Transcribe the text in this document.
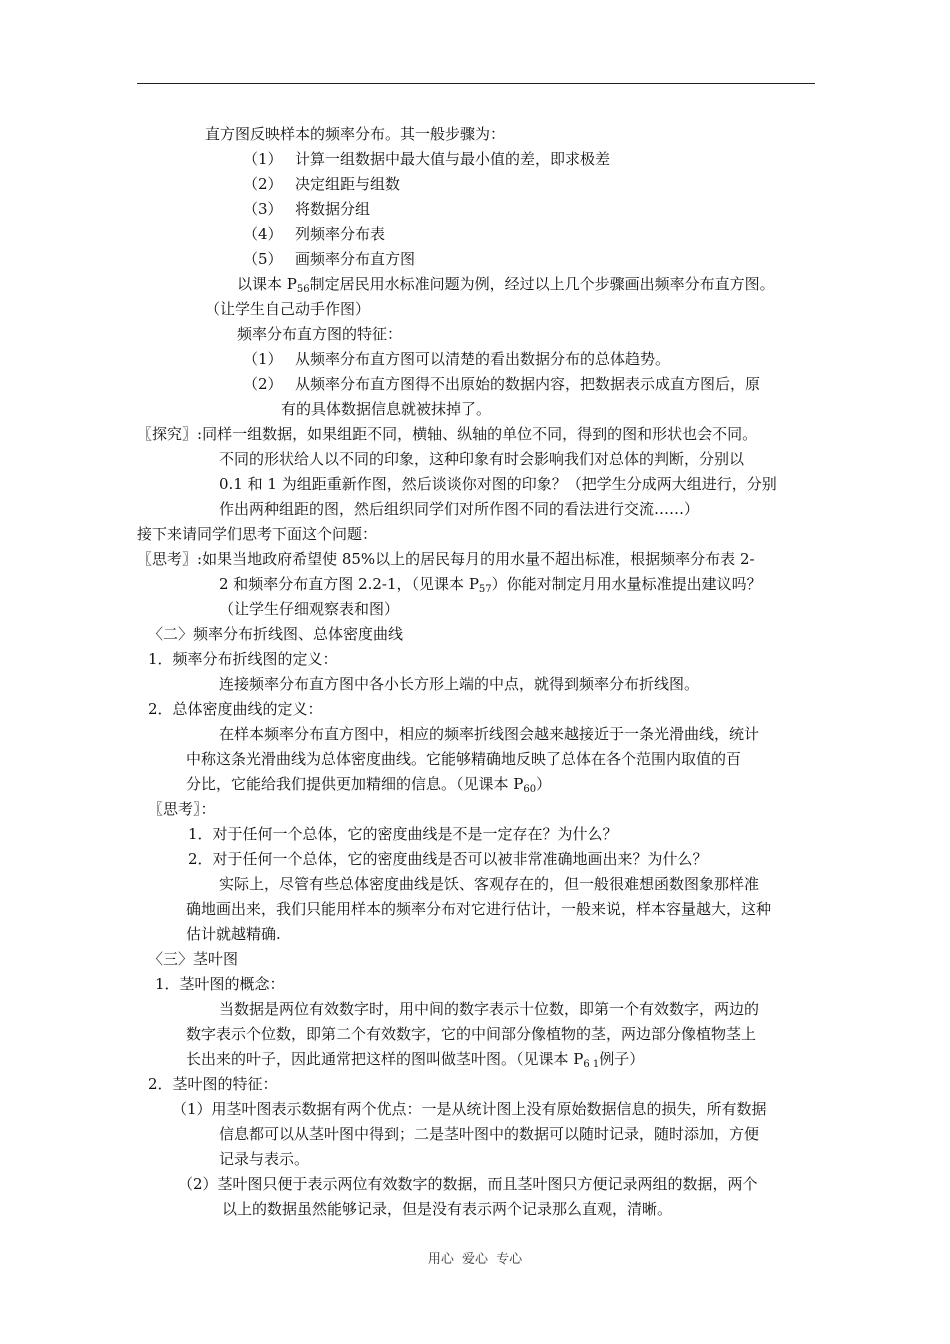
直方图反映样本的频率分布。其一般步骤为：
（1） 计算一组数据中最大值与最小值的差，即求极差
（2） 决定组距与组数
（3） 将数据分组
（4） 列频率分布表
（5） 画频率分布直方图
以课本 $P_{56}$制定居民用水标准问题为例，经过以上几个步骤画出频率分布直方图。
（让学生自己动手作图）
频率分布直方图的特征：
（1） 从频率分布直方图可以清楚的看出数据分布的总体趋势。
（2） 从频率分布直方图得不出原始的数据内容，把数据表示成直方图后，原
有的具体数据信息就被抹掉了。
〖探究〗:同样一组数据，如果组距不同，横轴、纵轴的单位不同，得到的图和形状也会不同。
不同的形状给人以不同的印象，这种印象有时会影响我们对总体的判断，分别以
0.1 和 1 为组距重新作图，然后谈谈你对图的印象？（把学生分成两大组进行，分别
作出两种组距的图，然后组织同学们对所作图不同的看法进行交流……）
接下来请同学们思考下面这个问题：
〖思考〗:如果当地政府希望使 85%以上的居民每月的用水量不超出标准，根据频率分布表 2-
2 和频率分布直方图 2.2-1，（见课本 $P_{57}$）你能对制定月用水量标准提出建议吗？
（让学生仔细观察表和图）
〈二〉频率分布折线图、总体密度曲线
1．频率分布折线图的定义：
连接频率分布直方图中各小长方形上端的中点，就得到频率分布折线图。
2．总体密度曲线的定义：
在样本频率分布直方图中，相应的频率折线图会越来越接近于一条光滑曲线，统计
中称这条光滑曲线为总体密度曲线。它能够精确地反映了总体在各个范围内取值的百
分比，它能给我们提供更加精细的信息。（见课本 $P_{60}$）
〖思考〗：
1．对于任何一个总体，它的密度曲线是不是一定存在？为什么？
2．对于任何一个总体，它的密度曲线是否可以被非常准确地画出来？为什么？
实际上，尽管有些总体密度曲线是饫、客观存在的，但一般很难想函数图象那样准
确地画出来，我们只能用样本的频率分布对它进行估计，一般来说，样本容量越大，这种
估计就越精确.
〈三〉茎叶图
1．茎叶图的概念：
当数据是两位有效数字时，用中间的数字表示十位数，即第一个有效数字，两边的
数字表示个位数，即第二个有效数字，它的中间部分像植物的茎，两边部分像植物茎上
长出来的叶子，因此通常把这样的图叫做茎叶图。（见课本 $P_{6 1}$例子）
2．茎叶图的特征：
（1）用茎叶图表示数据有两个优点：一是从统计图上没有原始数据信息的损失，所有数据
信息都可以从茎叶图中得到；二是茎叶图中的数据可以随时记录，随时添加，方便
记录与表示。
（2）茎叶图只便于表示两位有效数字的数据，而且茎叶图只方便记录两组的数据，两个
以上的数据虽然能够记录，但是没有表示两个记录那么直观，清晰。
用心 爱心 专心
